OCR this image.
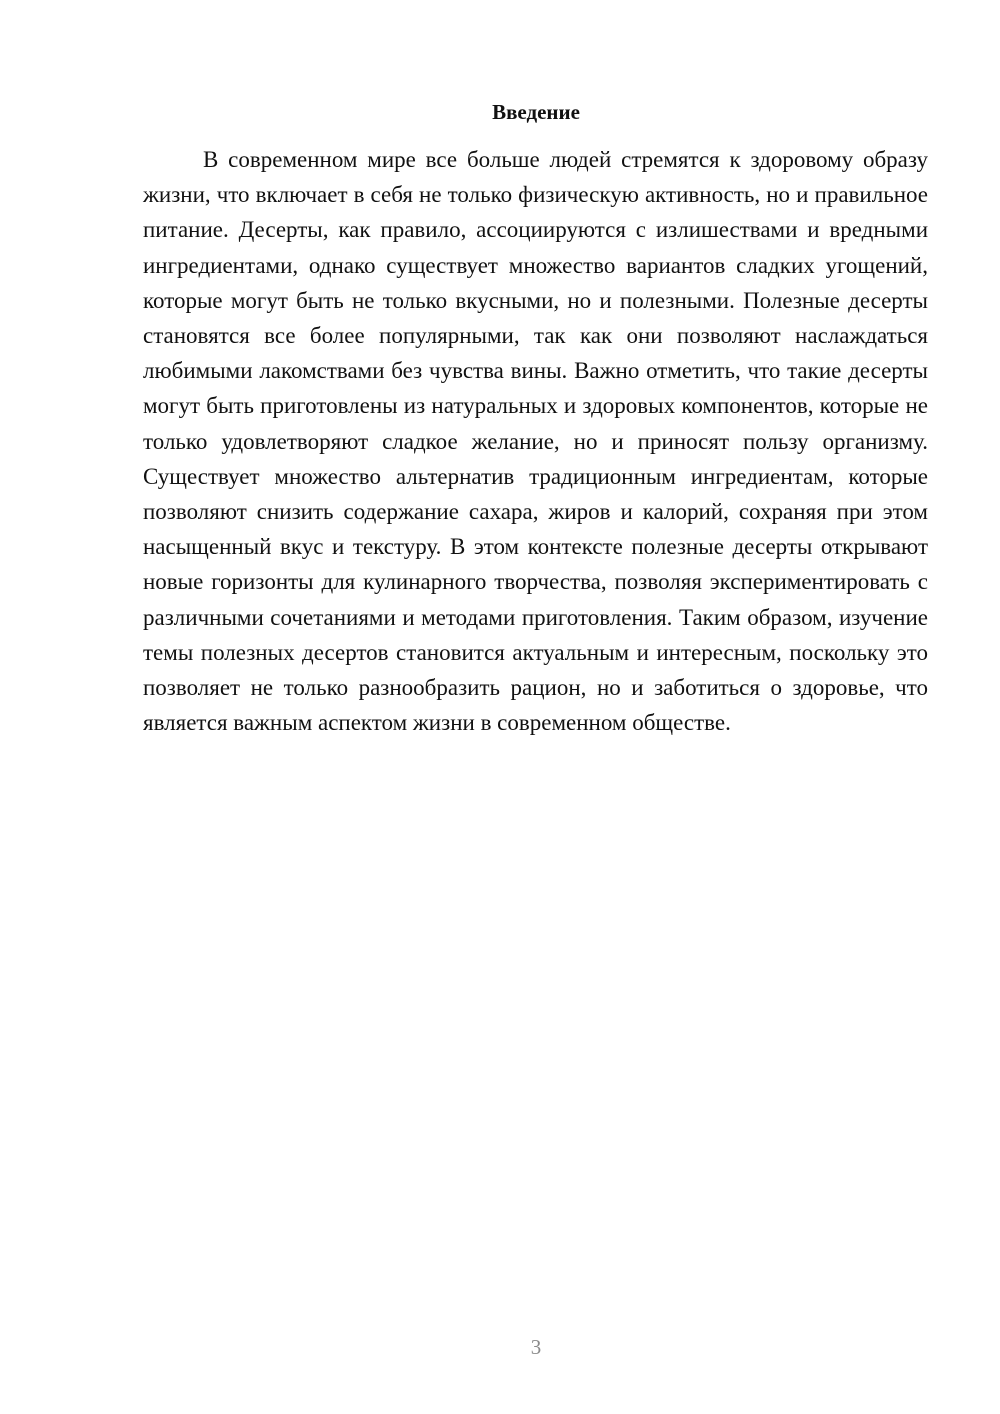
Введение

В современном мире все больше людей стремятся к здоровому образу жизни, что включает в себя не только физическую активность, но и правильное питание. Десерты, как правило, ассоциируются с излишествами и вредными ингредиентами, однако существует множество вариантов сладких угощений, которые могут быть не только вкусными, но и полезными. Полезные десерты становятся все более популярными, так как они позволяют наслаждаться любимыми лакомствами без чувства вины. Важно отметить, что такие десерты могут быть приготовлены из натуральных и здоровых компонентов, которые не только удовлетворяют сладкое желание, но и приносят пользу организму. Существует множество альтернатив традиционным ингредиентам, которые позволяют снизить содержание сахара, жиров и калорий, сохраняя при этом насыщенный вкус и текстуру. В этом контексте полезные десерты открывают новые горизонты для кулинарного творчества, позволяя экспериментировать с различными сочетаниями и методами приготовления. Таким образом, изучение темы полезных десертов становится актуальным и интересным, поскольку это позволяет не только разнообразить рацион, но и заботиться о здоровье, что является важным аспектом жизни в современном обществе.

3
